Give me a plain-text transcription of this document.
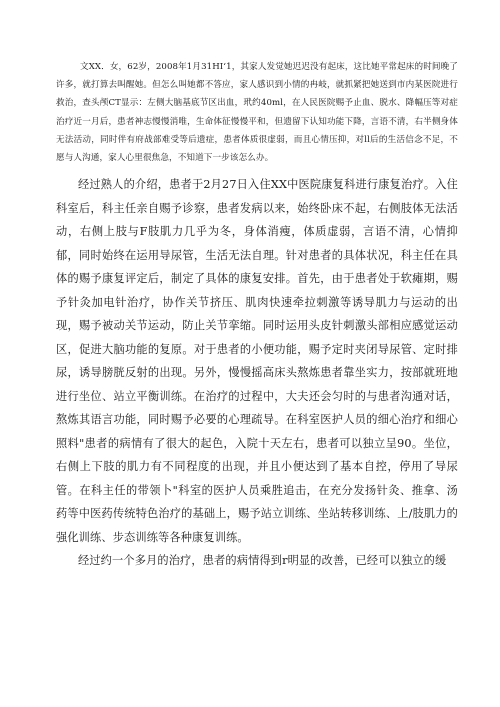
文XX．女，62岁，2008年1月31HI‘1，其家人发觉她迟迟没有起床，这比她平常起床的时间晚了许多，就打算去叫醒她。但怎么叫她都不答应，家人感识到小情的冉岐，就抓紧把她送到市内某医院进行救治，查头颅CT显示：左侧大脑基底节区出血，玳约40ml，在人民医院赐予止血、脱水、降幅压等对症治疗近一月后，患者神志慢慢消唯，生命体征慢慢平和，但遗留下认知功能下降，言语不清，右半侧身体无法活动，同时伴有府战部难受等后遗症，患者体质很虚弱，而且心情压抑，对ll后的生活信念不足，不愿与人沟通，家人心里很焦急，不知道下一步该怎么办。

经过熟人的介绍，患者于2月27日入住XX中医院康复科进行康复治疗。入住科室后，科主任亲自赐予诊察，患者发病以来，始终卧床不起，右侧肢体无法活动，右侧上肢与F肢肌力几乎为冬，身体消瘦，体质虚弱，言语不清，心情抑郁，同时始终在运用导尿管，生活无法自理。针对患者的具体状况，科主任在具体的赐予康复评定后，制定了具体的康复安排。首先，由于患者处于软瘫期，赐予针灸加电针治疗，协作关节挤压、肌肉快速牵拉刺激等诱导肌力与运动的出现，赐予被动关节运动，防止关节挛缩。同时运用头皮针刺激头部相应感觉运动区，促进大脑功能的复原。对于患者的小便功能，赐予定时夹闭导尿管、定时排尿，诱导膀胱反射的出现。另外，慢慢摇高床头熬炼患者靠坐实力，按部就班地进行坐位、站立平衡训练。在治疗的过程中，大夫还会匀时的与患者沟通对话，熬炼其语言功能，同时赐予必要的心理疏导。在科室医护人员的细心治疗和细心照料"患者的病情有了很大的起色，入院十天左右，患者可以独立呈90。坐位，右侧上下肢的肌力有不同程度的出现，并且小便达到了基本自控，停用了导尿管。在科主任的带领卜"科室的医护人员乘胜追击，在充分发扬针灸、推拿、汤药等中医药传统特色治疗的基础上，赐予站立训练、坐站转移训练、上/肢肌力的强化训练、步态训练等各种康复训练。

经过约一个多月的治疗，患者的病情得到r明显的改善，已经可以独立的缓
